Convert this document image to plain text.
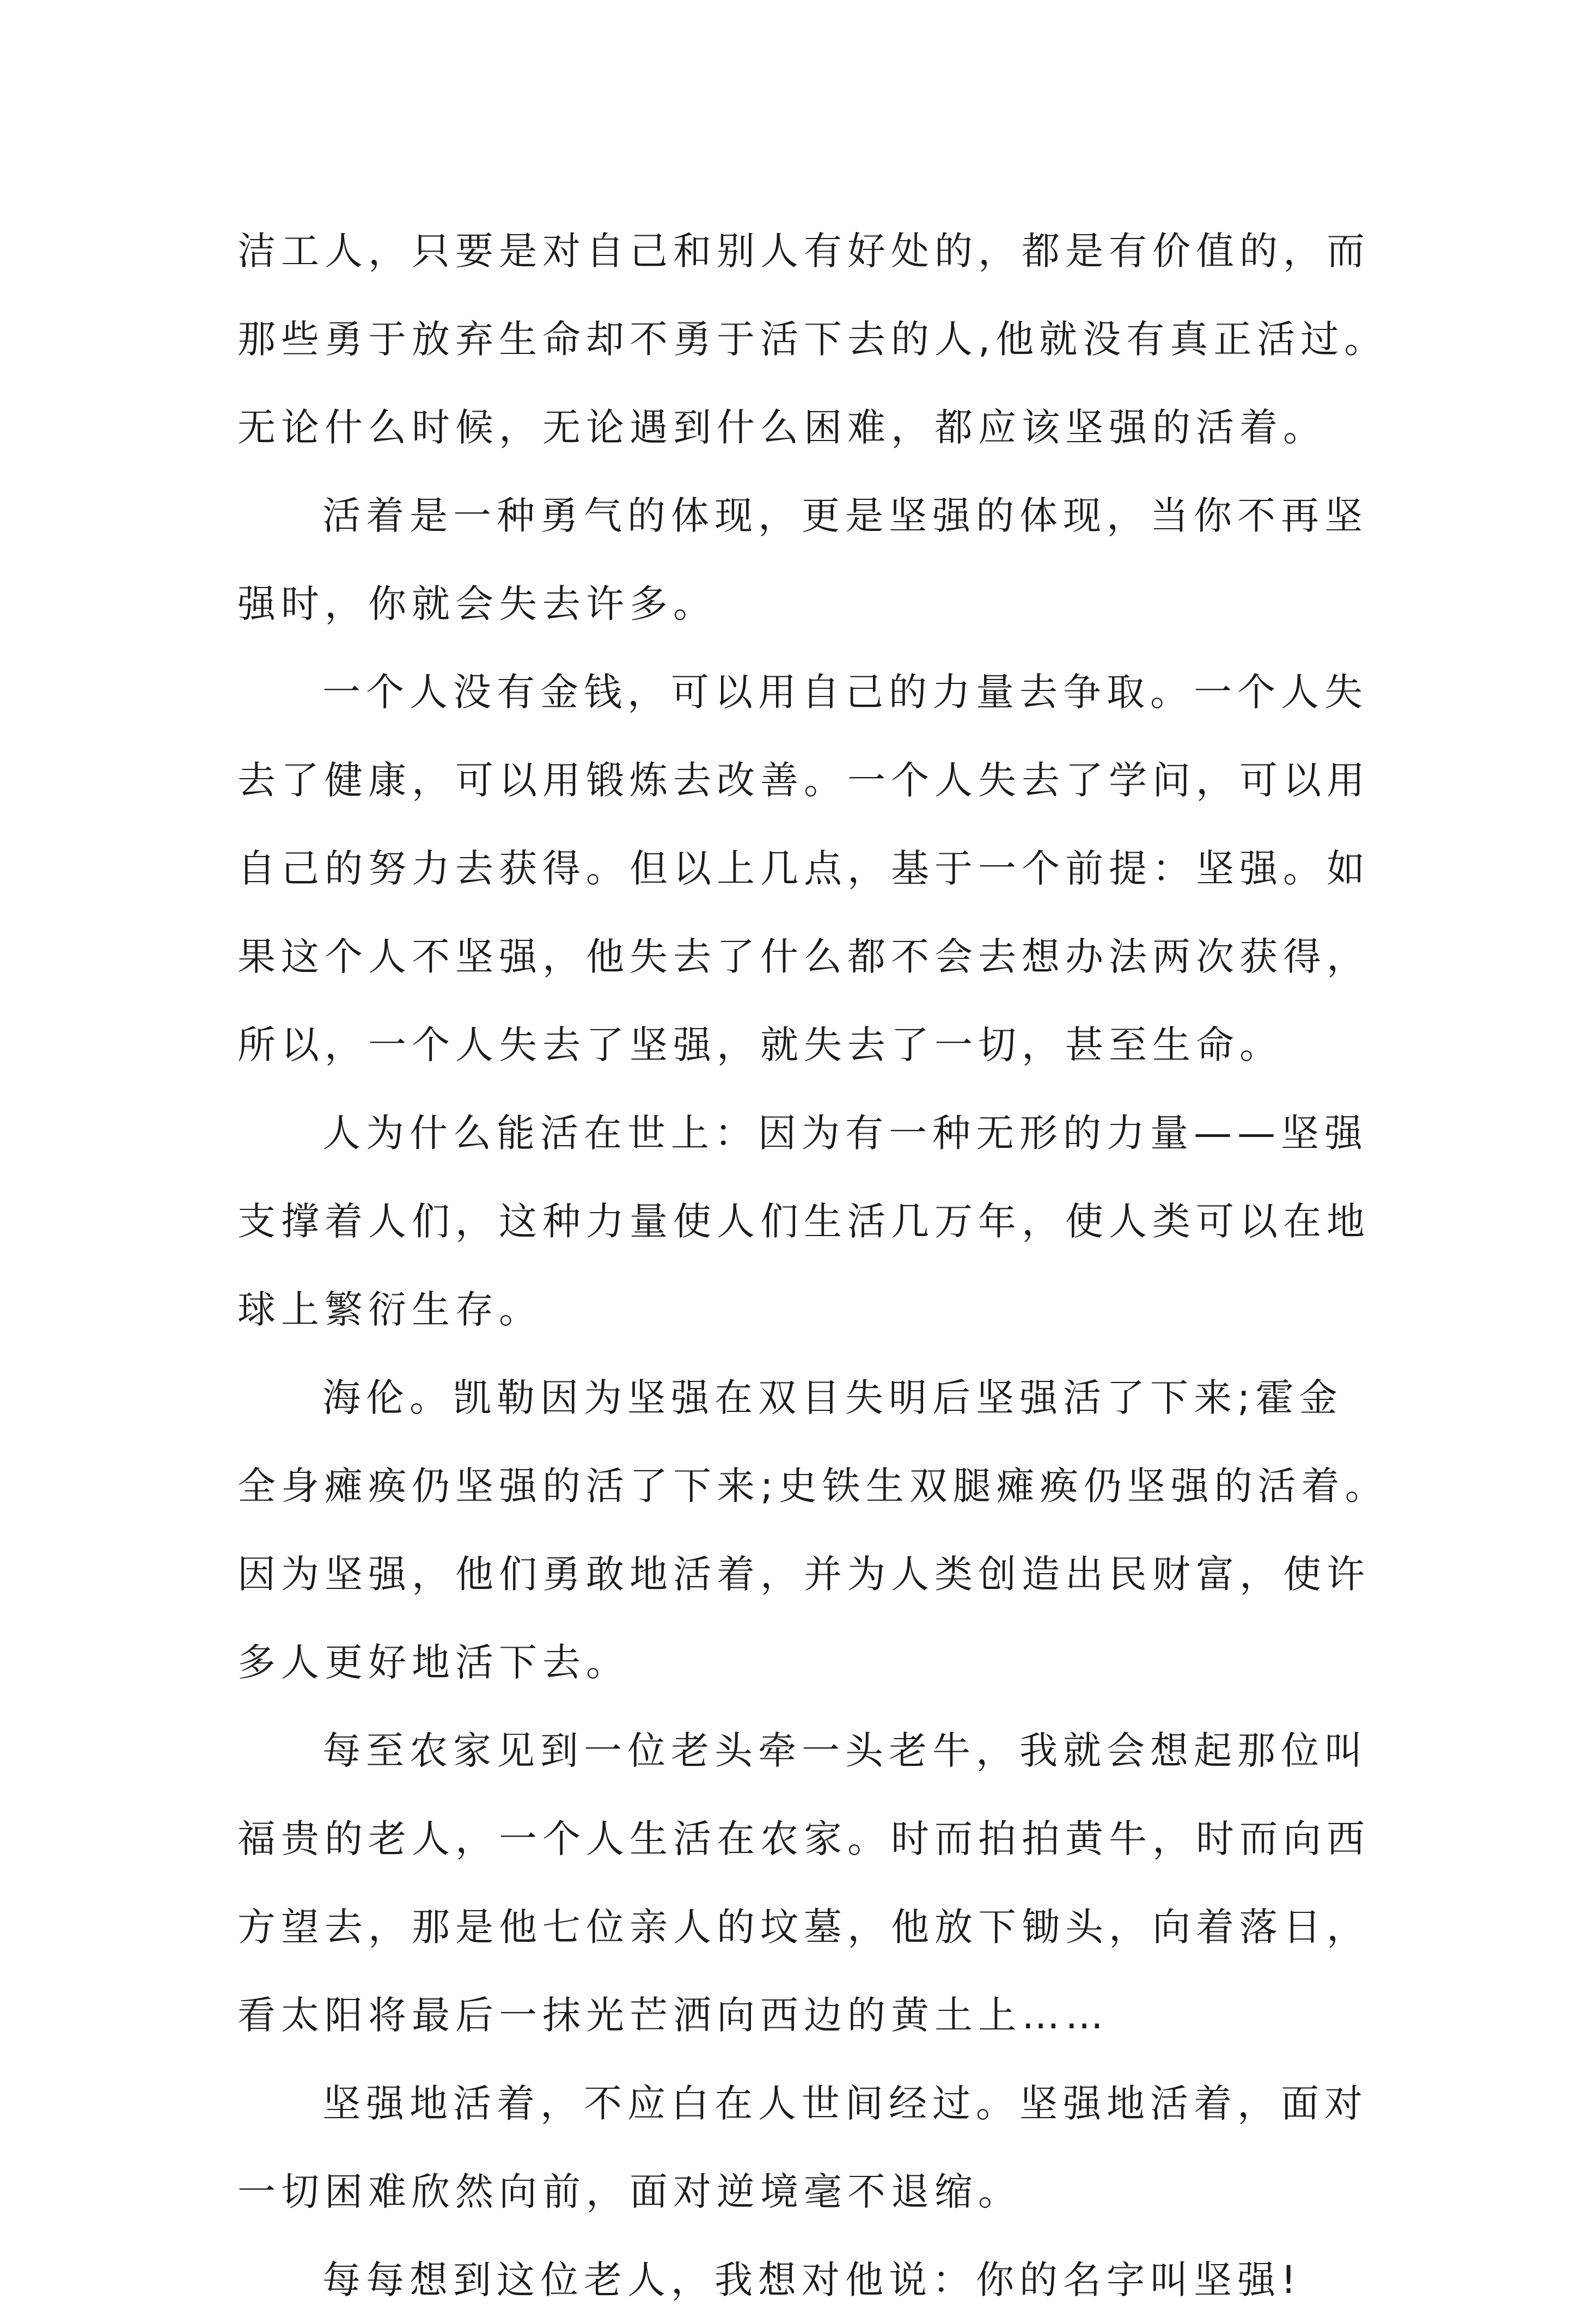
洁工人，只要是对自己和别人有好处的，都是有价值的，而
那些勇于放弃生命却不勇于活下去的人,他就没有真正活过。
无论什么时候，无论遇到什么困难，都应该坚强的活着。
活着是一种勇气的体现，更是坚强的体现，当你不再坚
强时，你就会失去许多。
一个人没有金钱，可以用自己的力量去争取。一个人失
去了健康，可以用锻炼去改善。一个人失去了学问，可以用
自己的努力去获得。但以上几点，基于一个前提：坚强。如
果这个人不坚强，他失去了什么都不会去想办法两次获得，
所以，一个人失去了坚强，就失去了一切，甚至生命。
人为什么能活在世上：因为有一种无形的力量——坚强
支撑着人们，这种力量使人们生活几万年，使人类可以在地
球上繁衍生存。
海伦。凯勒因为坚强在双目失明后坚强活了下来;霍金
全身瘫痪仍坚强的活了下来;史铁生双腿瘫痪仍坚强的活着。
因为坚强，他们勇敢地活着，并为人类创造出民财富，使许
多人更好地活下去。
每至农家见到一位老头牵一头老牛，我就会想起那位叫
福贵的老人，一个人生活在农家。时而拍拍黄牛，时而向西
方望去，那是他七位亲人的坟墓，他放下锄头，向着落日，
看太阳将最后一抹光芒洒向西边的黄土上……
坚强地活着，不应白在人世间经过。坚强地活着，面对
一切困难欣然向前，面对逆境毫不退缩。
每每想到这位老人，我想对他说：你的名字叫坚强!
